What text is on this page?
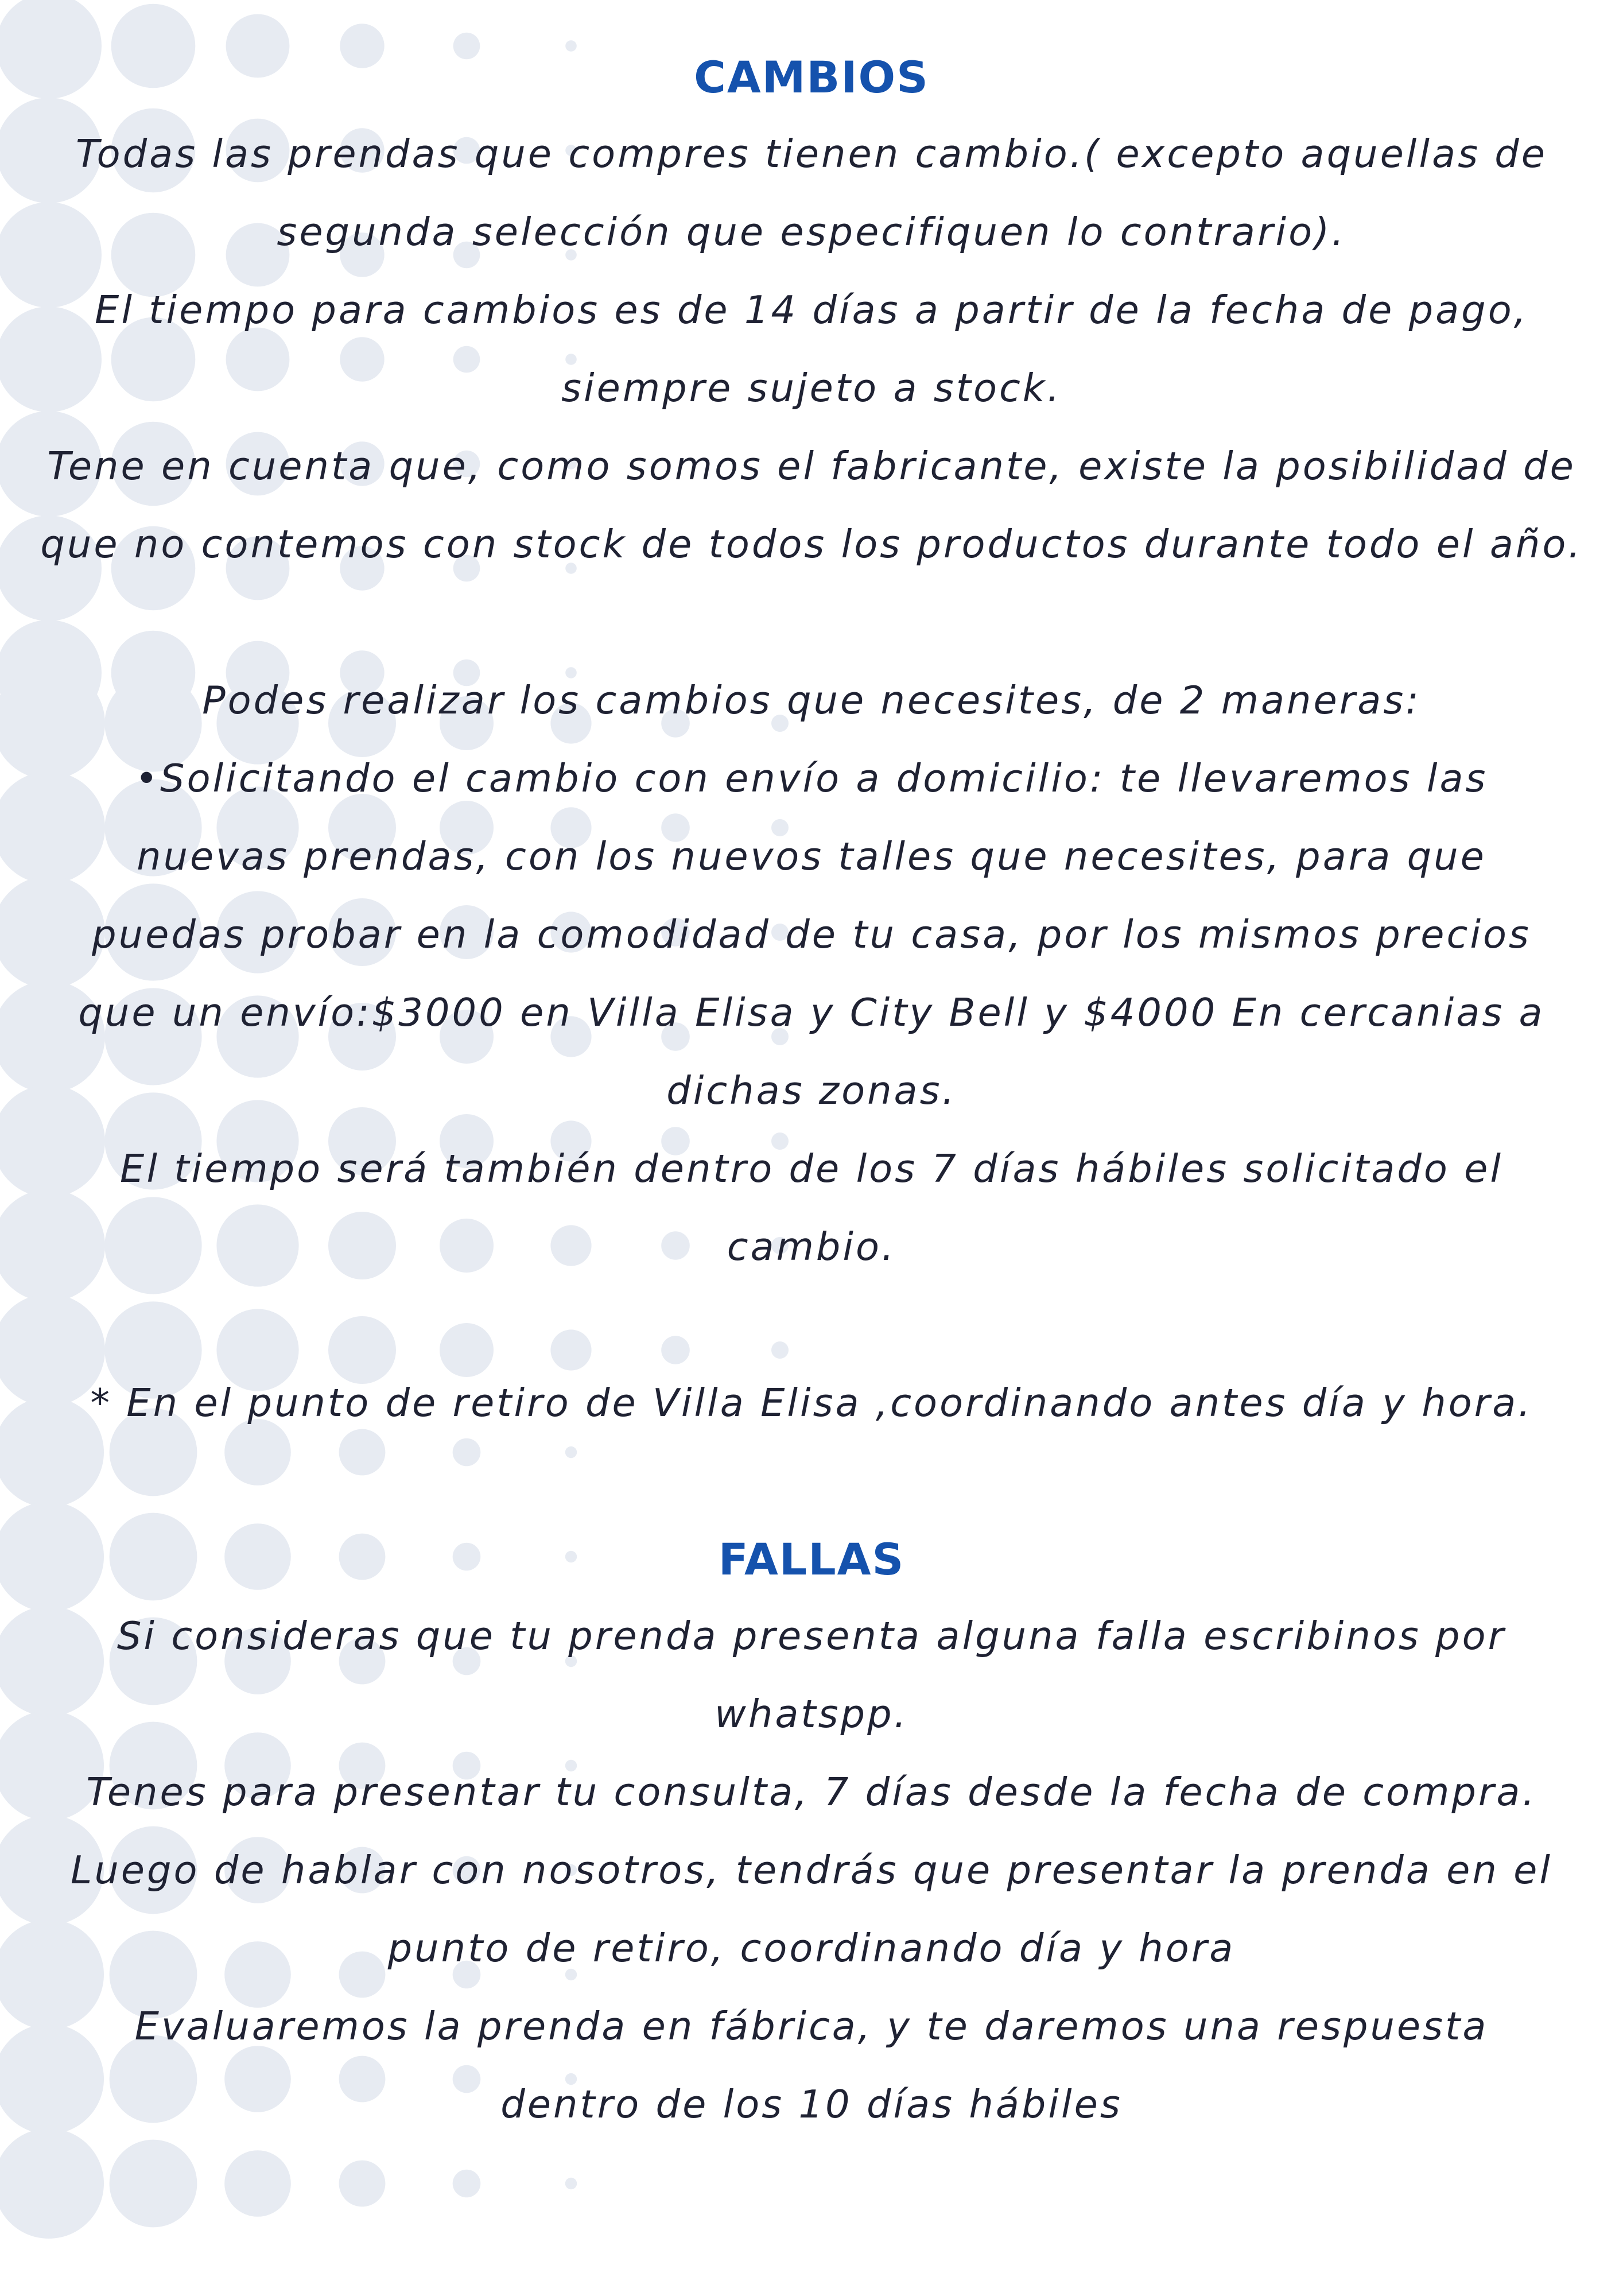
CAMBIOS

Todas las prendas que compres tienen cambio.( excepto aquellas de segunda selección que especifiquen lo contrario).

El tiempo para cambios es de 14 días a partir de la fecha de pago, siempre sujeto a stock.

Tene en cuenta que, como somos el fabricante, existe la posibilidad de que no contemos con stock de todos los productos durante todo el año.

Podes realizar los cambios que necesites, de 2 maneras:

•Solicitando el cambio con envío a domicilio: te llevaremos las nuevas prendas, con los nuevos talles que necesites, para que puedas probar en la comodidad de tu casa, por los mismos precios que un envío:$3000 en Villa Elisa y City Bell y $4000 En cercanias a dichas zonas.

El tiempo será también dentro de los 7 días hábiles solicitado el cambio.

* En el punto de retiro de Villa Elisa ,coordinando antes día y hora.

FALLAS

Si consideras que tu prenda presenta alguna falla escribinos por whatspp.

Tenes para presentar tu consulta, 7 días desde la fecha de compra.

Luego de hablar con nosotros, tendrás que presentar la prenda en el punto de retiro, coordinando día y hora

Evaluaremos la prenda en fábrica, y te daremos una respuesta dentro de los 10 días hábiles
